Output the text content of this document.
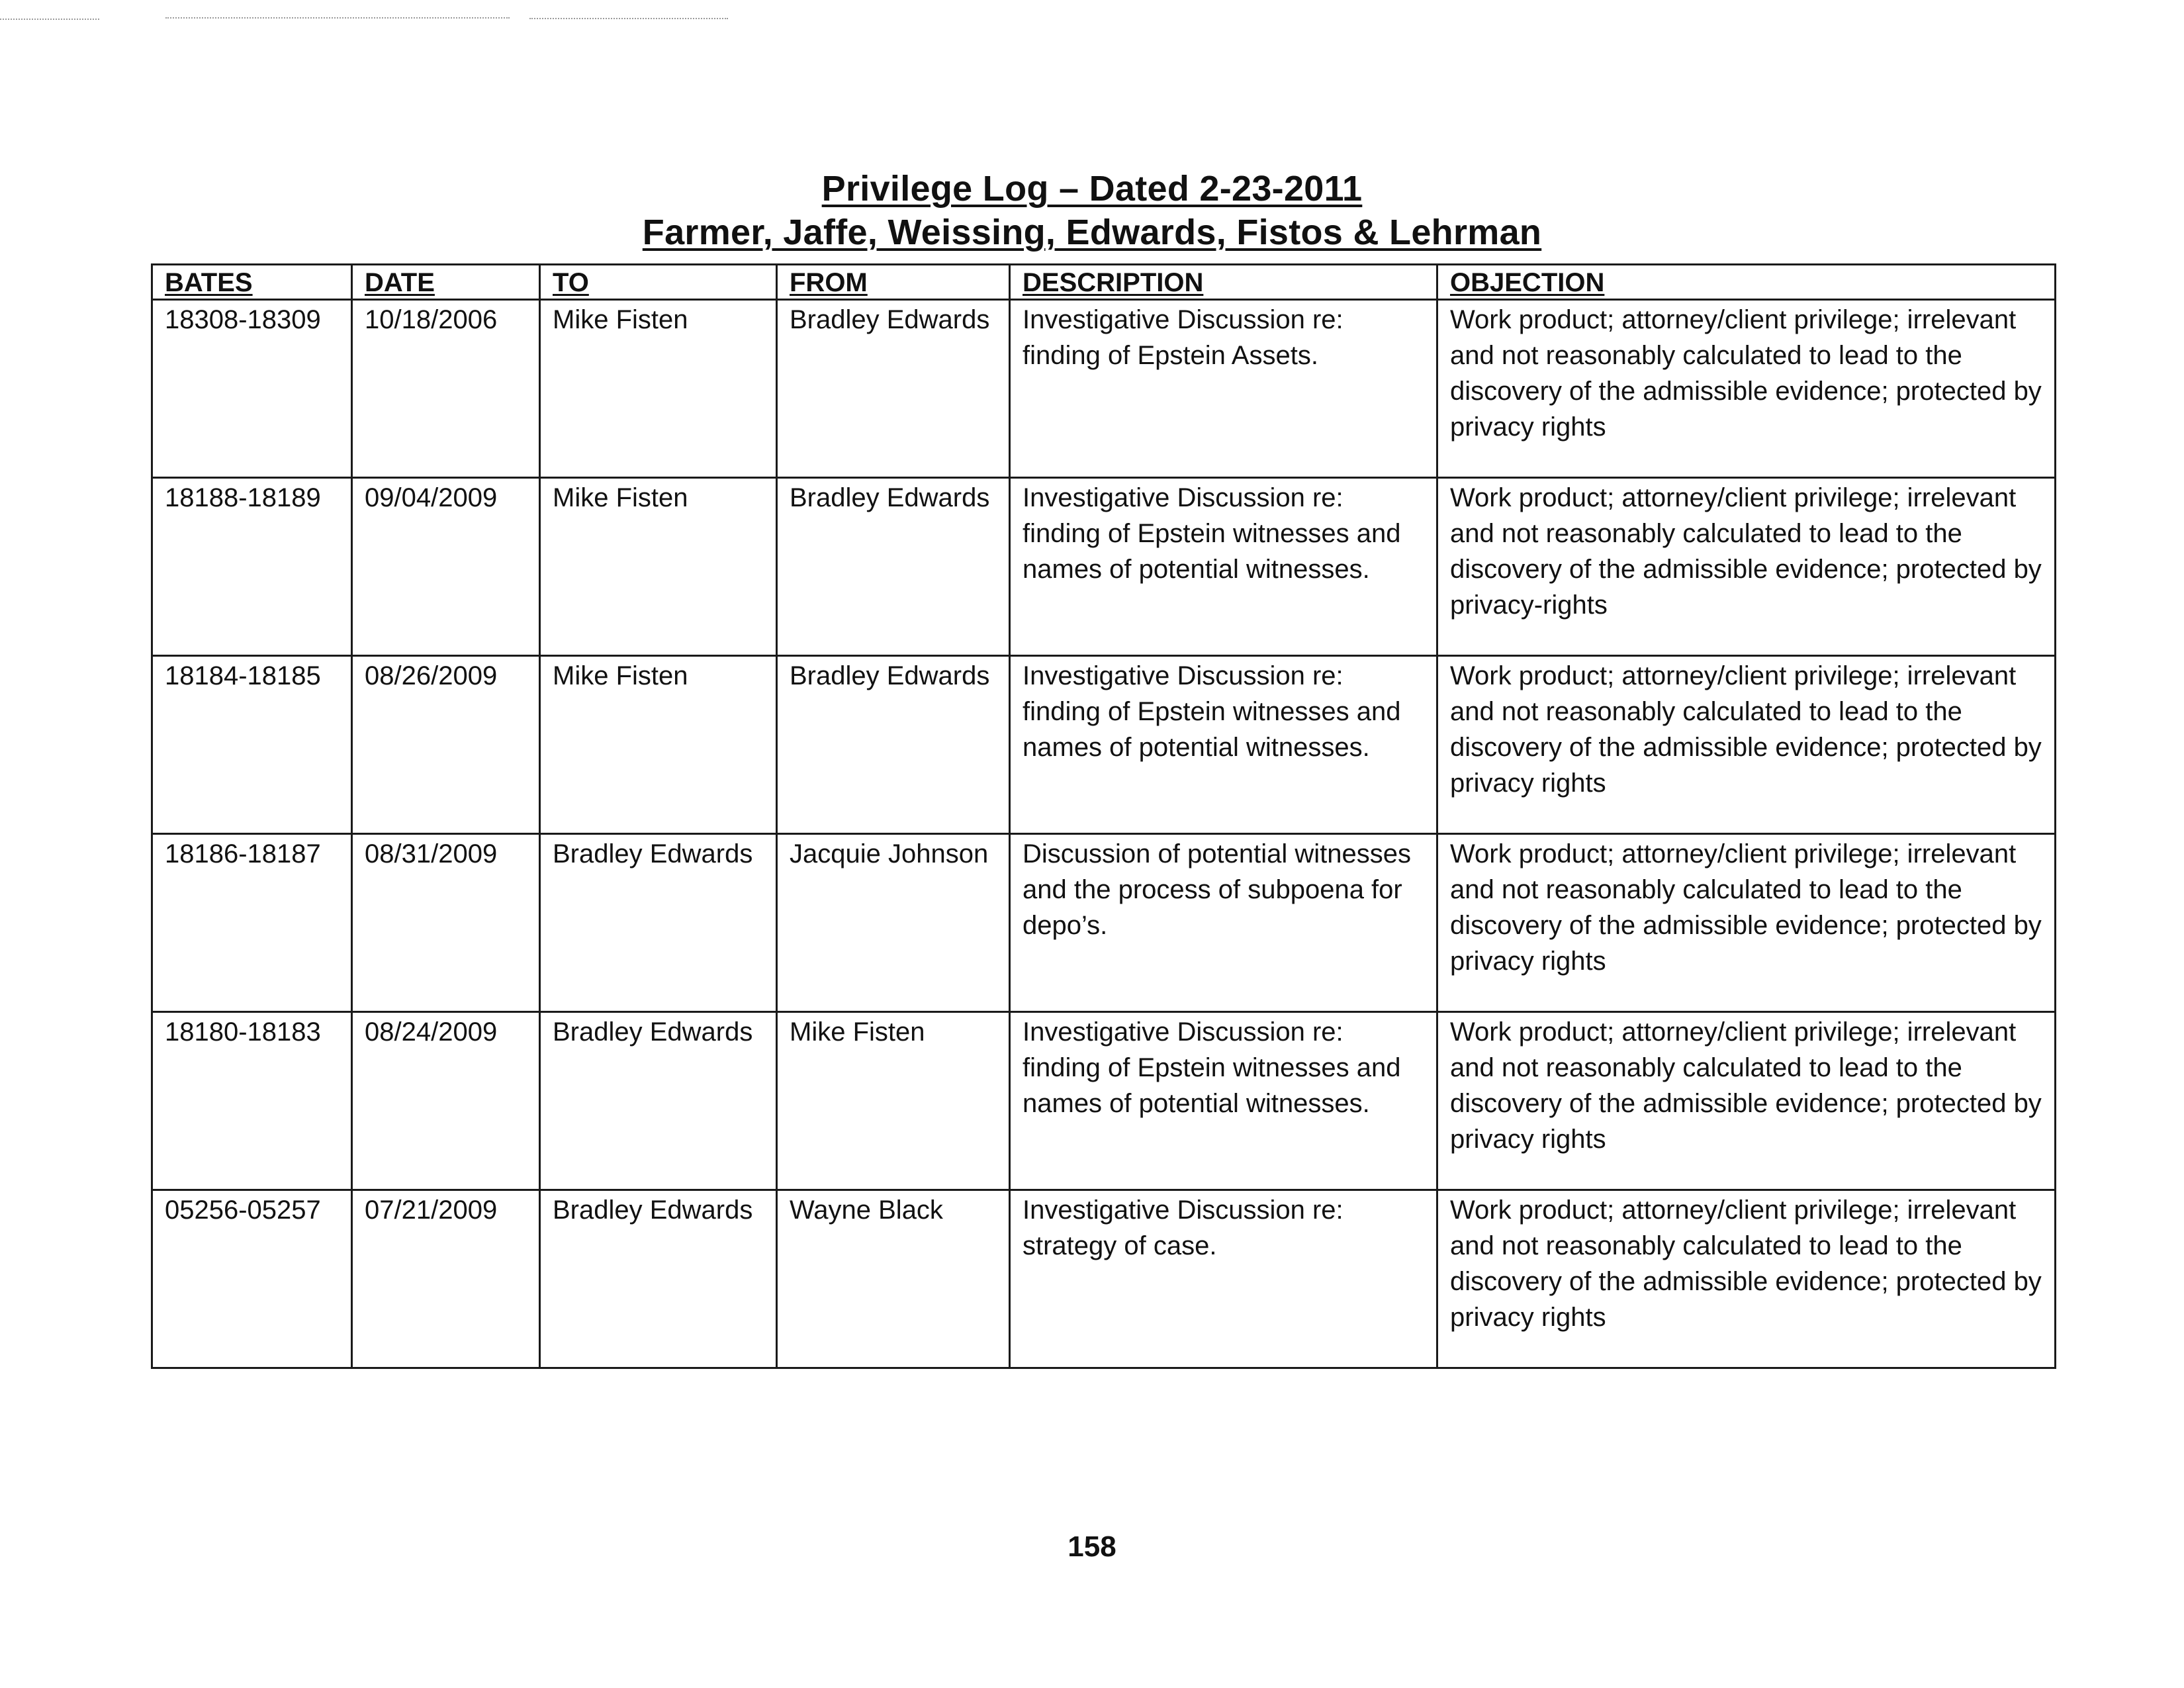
Privilege Log – Dated 2-23-2011
Farmer, Jaffe, Weissing, Edwards, Fistos & Lehrman
BATES	DATE	TO	FROM	DESCRIPTION	OBJECTION
18308-18309	10/18/2006	Mike Fisten	Bradley Edwards	Investigative Discussion re: finding of Epstein Assets.	Work product; attorney/client privilege; irrelevant and not reasonably calculated to lead to the discovery of the admissible evidence; protected by privacy rights
18188-18189	09/04/2009	Mike Fisten	Bradley Edwards	Investigative Discussion re: finding of Epstein witnesses and names of potential witnesses.	Work product; attorney/client privilege; irrelevant and not reasonably calculated to lead to the discovery of the admissible evidence; protected by privacy-rights
18184-18185	08/26/2009	Mike Fisten	Bradley Edwards	Investigative Discussion re: finding of Epstein witnesses and names of potential witnesses.	Work product; attorney/client privilege; irrelevant and not reasonably calculated to lead to the discovery of the admissible evidence; protected by privacy rights
18186-18187	08/31/2009	Bradley Edwards	Jacquie Johnson	Discussion of potential witnesses and the process of subpoena for depo’s.	Work product; attorney/client privilege; irrelevant and not reasonably calculated to lead to the discovery of the admissible evidence; protected by privacy rights
18180-18183	08/24/2009	Bradley Edwards	Mike Fisten	Investigative Discussion re: finding of Epstein witnesses and names of potential witnesses.	Work product; attorney/client privilege; irrelevant and not reasonably calculated to lead to the discovery of the admissible evidence; protected by privacy rights
05256-05257	07/21/2009	Bradley Edwards	Wayne Black	Investigative Discussion re: strategy of case.	Work product; attorney/client privilege; irrelevant and not reasonably calculated to lead to the discovery of the admissible evidence; protected by privacy rights
158
